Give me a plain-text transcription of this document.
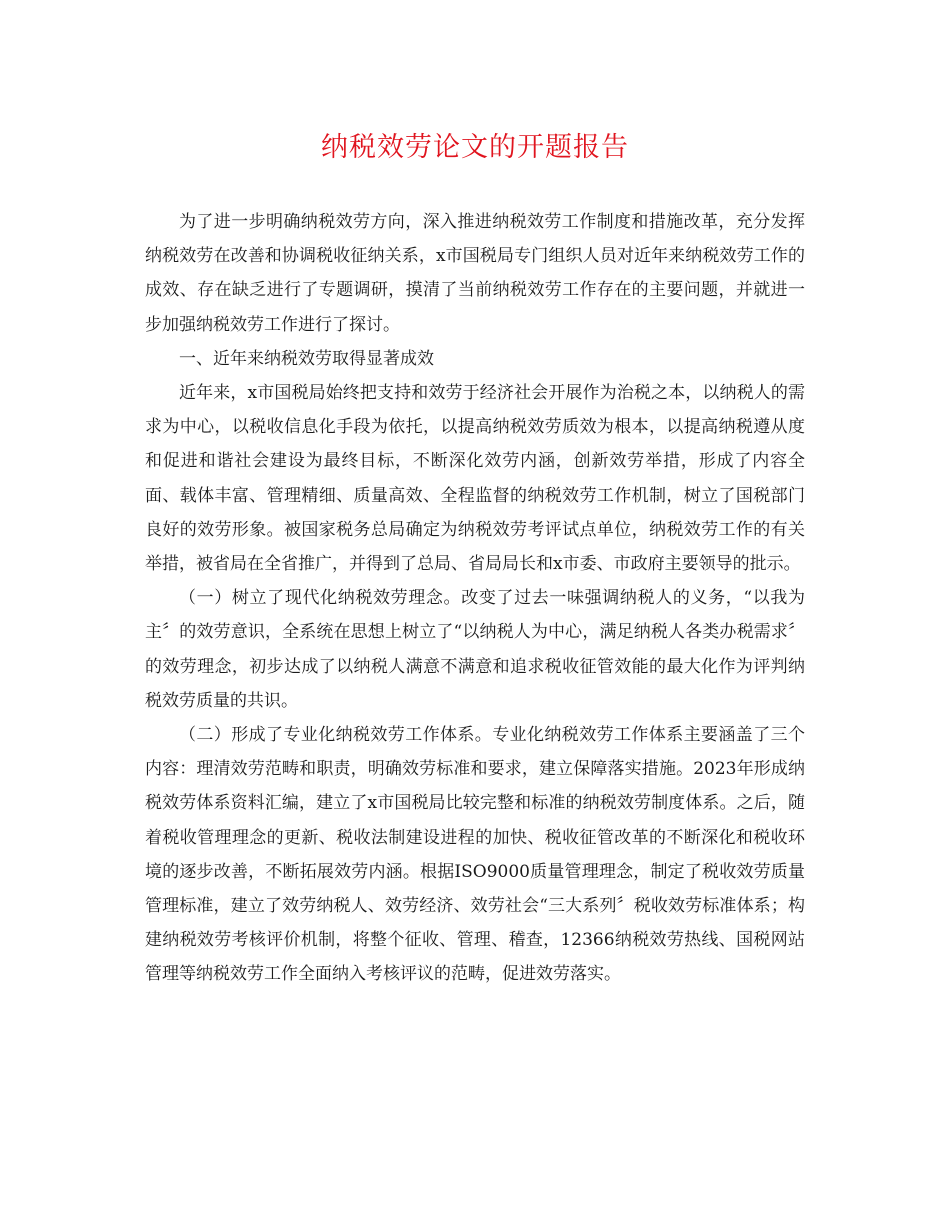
纳税效劳论文的开题报告

为了进一步明确纳税效劳方向，深入推进纳税效劳工作制度和措施改革，充分发挥纳税效劳在改善和协调税收征纳关系，x市国税局专门组织人员对近年来纳税效劳工作的成效、存在缺乏进行了专题调研，摸清了当前纳税效劳工作存在的主要问题，并就进一步加强纳税效劳工作进行了探讨。

一、近年来纳税效劳取得显著成效

近年来，x市国税局始终把支持和效劳于经济社会开展作为治税之本，以纳税人的需求为中心，以税收信息化手段为依托，以提高纳税效劳质效为根本，以提高纳税遵从度和促进和谐社会建设为最终目标，不断深化效劳内涵，创新效劳举措，形成了内容全面、载体丰富、管理精细、质量高效、全程监督的纳税效劳工作机制，树立了国税部门良好的效劳形象。被国家税务总局确定为纳税效劳考评试点单位，纳税效劳工作的有关举措，被省局在全省推广，并得到了总局、省局局长和x市委、市政府主要领导的批示。

（一）树立了现代化纳税效劳理念。改变了过去一味强调纳税人的义务，“以我为主〞的效劳意识，全系统在思想上树立了“以纳税人为中心，满足纳税人各类办税需求〞的效劳理念，初步达成了以纳税人满意不满意和追求税收征管效能的最大化作为评判纳税效劳质量的共识。

（二）形成了专业化纳税效劳工作体系。专业化纳税效劳工作体系主要涵盖了三个内容：理清效劳范畴和职责，明确效劳标准和要求，建立保障落实措施。2023年形成纳税效劳体系资料汇编，建立了x市国税局比较完整和标准的纳税效劳制度体系。之后，随着税收管理理念的更新、税收法制建设进程的加快、税收征管改革的不断深化和税收环境的逐步改善，不断拓展效劳内涵。根据ISO9000质量管理理念，制定了税收效劳质量管理标准，建立了效劳纳税人、效劳经济、效劳社会“三大系列〞税收效劳标准体系；构建纳税效劳考核评价机制，将整个征收、管理、稽查，12366纳税效劳热线、国税网站管理等纳税效劳工作全面纳入考核评议的范畴，促进效劳落实。
